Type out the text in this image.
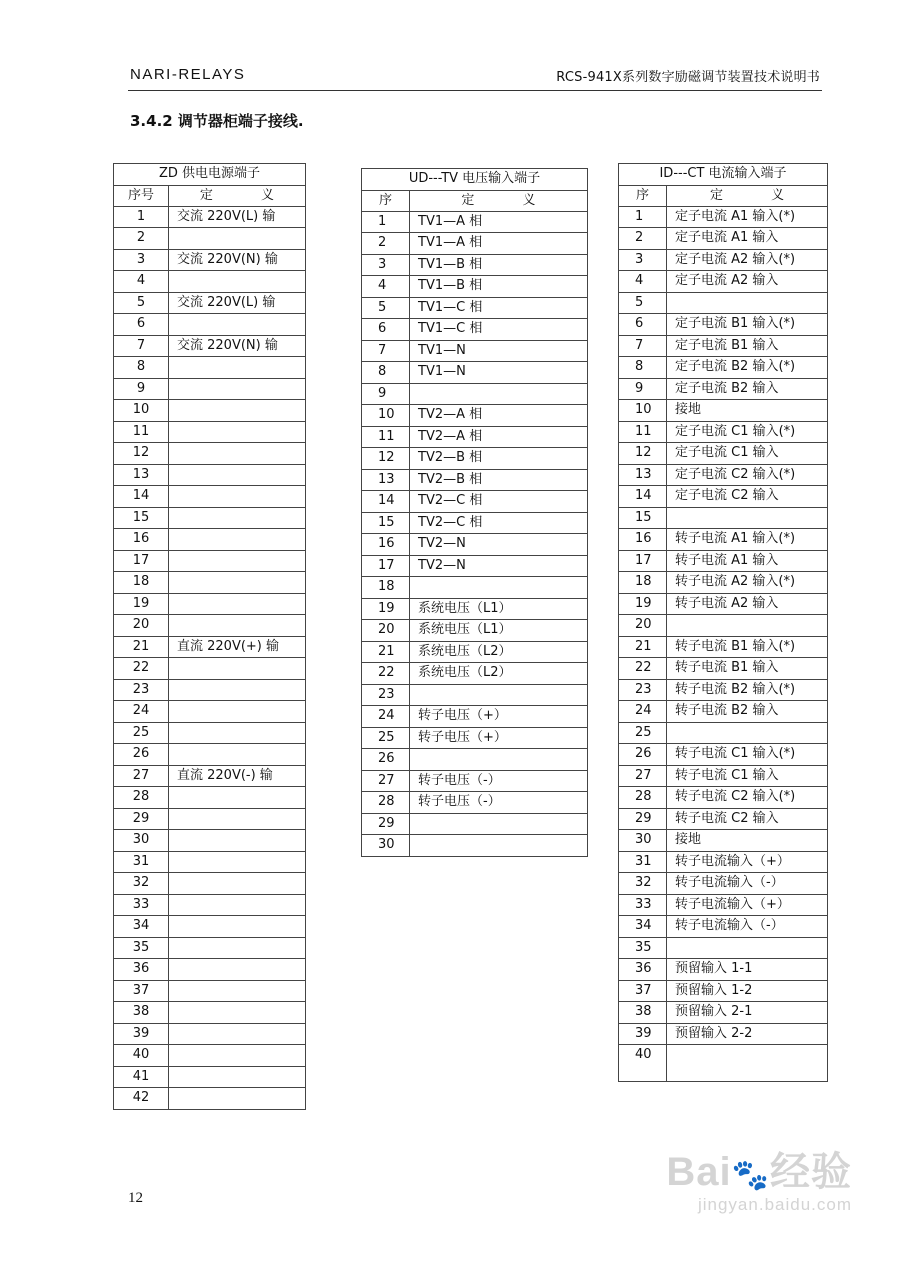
NARI-RELAYS	RCS-941X系列数字励磁调节装置技术说明书
3.4.2 调节器柜端子接线.
ZD 供电电源端子	
序号	定 义
1	交流 220V(L) 输
2	
3	交流 220V(N) 输
4	
5	交流 220V(L) 输
6	
7	交流 220V(N) 输
8	
9	
10	
11	
12	
13	
14	
15	
16	
17	
18	
19	
20	
21	直流 220V(+) 输
22	
23	
24	
25	
26	
27	直流 220V(-) 输
28	
29	
30	
31	
32	
33	
34	
35	
36	
37	
38	
39	
40	
41	
42	
UD---TV 电压输入端子	
序	定 义
1	TV1—A 相
2	TV1—A 相
3	TV1—B 相
4	TV1—B 相
5	TV1—C 相
6	TV1—C 相
7	TV1—N
8	TV1—N
9	
10	TV2—A 相
11	TV2—A 相
12	TV2—B 相
13	TV2—B 相
14	TV2—C 相
15	TV2—C 相
16	TV2—N
17	TV2—N
18	
19	系统电压（L1）
20	系统电压（L1）
21	系统电压（L2）
22	系统电压（L2）
23	
24	转子电压（+）
25	转子电压（+）
26	
27	转子电压（-）
28	转子电压（-）
29	
30	
ID---CT 电流输入端子	
序	定 义
1	定子电流 A1 输入(*)
2	定子电流 A1 输入
3	定子电流 A2 输入(*)
4	定子电流 A2 输入
5	
6	定子电流 B1 输入(*)
7	定子电流 B1 输入
8	定子电流 B2 输入(*)
9	定子电流 B2 输入
10	接地
11	定子电流 C1 输入(*)
12	定子电流 C1 输入
13	定子电流 C2 输入(*)
14	定子电流 C2 输入
15	
16	转子电流 A1 输入(*)
17	转子电流 A1 输入
18	转子电流 A2 输入(*)
19	转子电流 A2 输入
20	
21	转子电流 B1 输入(*)
22	转子电流 B1 输入
23	转子电流 B2 输入(*)
24	转子电流 B2 输入
25	
26	转子电流 C1 输入(*)
27	转子电流 C1 输入
28	转子电流 C2 输入(*)
29	转子电流 C2 输入
30	接地
31	转子电流输入（+）
32	转子电流输入（-）
33	转子电流输入（+）
34	转子电流输入（-）
35	
36	预留输入 1-1
37	预留输入 1-2
38	预留输入 2-1
39	预留输入 2-2
40	
12
Bai🐾经验
jingyan.baidu.com
